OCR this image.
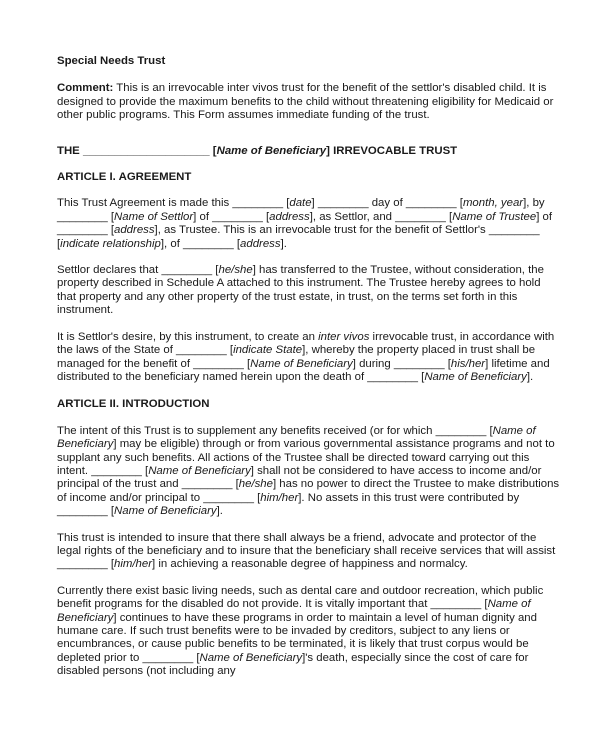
Special Needs Trust
Comment: This is an irrevocable inter vivos trust for the benefit of the settlor's disabled child. It is designed to provide the maximum benefits to the child without threatening eligibility for Medicaid or other public programs. This Form assumes immediate funding of the trust.
THE ____________________ [Name of Beneficiary] IRREVOCABLE TRUST
ARTICLE I. AGREEMENT
This Trust Agreement is made this ________ [date] ________ day of ________ [month, year], by ________ [Name of Settlor] of ________ [address], as Settlor, and ________ [Name of Trustee] of ________ [address], as Trustee. This is an irrevocable trust for the benefit of Settlor's ________ [indicate relationship], of ________ [address].
Settlor declares that ________ [he/she] has transferred to the Trustee, without consideration, the property described in Schedule A attached to this instrument. The Trustee hereby agrees to hold that property and any other property of the trust estate, in trust, on the terms set forth in this instrument.
It is Settlor's desire, by this instrument, to create an inter vivos irrevocable trust, in accordance with the laws of the State of ________ [indicate State], whereby the property placed in trust shall be managed for the benefit of ________ [Name of Beneficiary] during ________ [his/her] lifetime and distributed to the beneficiary named herein upon the death of ________ [Name of Beneficiary].
ARTICLE II. INTRODUCTION
The intent of this Trust is to supplement any benefits received (or for which ________ [Name of Beneficiary] may be eligible) through or from various governmental assistance programs and not to supplant any such benefits. All actions of the Trustee shall be directed toward carrying out this intent. ________ [Name of Beneficiary] shall not be considered to have access to income and/or principal of the trust and ________ [he/she] has no power to direct the Trustee to make distributions of income and/or principal to ________ [him/her]. No assets in this trust were contributed by ________ [Name of Beneficiary].
This trust is intended to insure that there shall always be a friend, advocate and protector of the legal rights of the beneficiary and to insure that the beneficiary shall receive services that will assist ________ [him/her] in achieving a reasonable degree of happiness and normalcy.
Currently there exist basic living needs, such as dental care and outdoor recreation, which public benefit programs for the disabled do not provide. It is vitally important that ________ [Name of Beneficiary] continues to have these programs in order to maintain a level of human dignity and humane care. If such trust benefits were to be invaded by creditors, subject to any liens or encumbrances, or cause public benefits to be terminated, it is likely that trust corpus would be depleted prior to ________ [Name of Beneficiary]'s death, especially since the cost of care for disabled persons (not including any
